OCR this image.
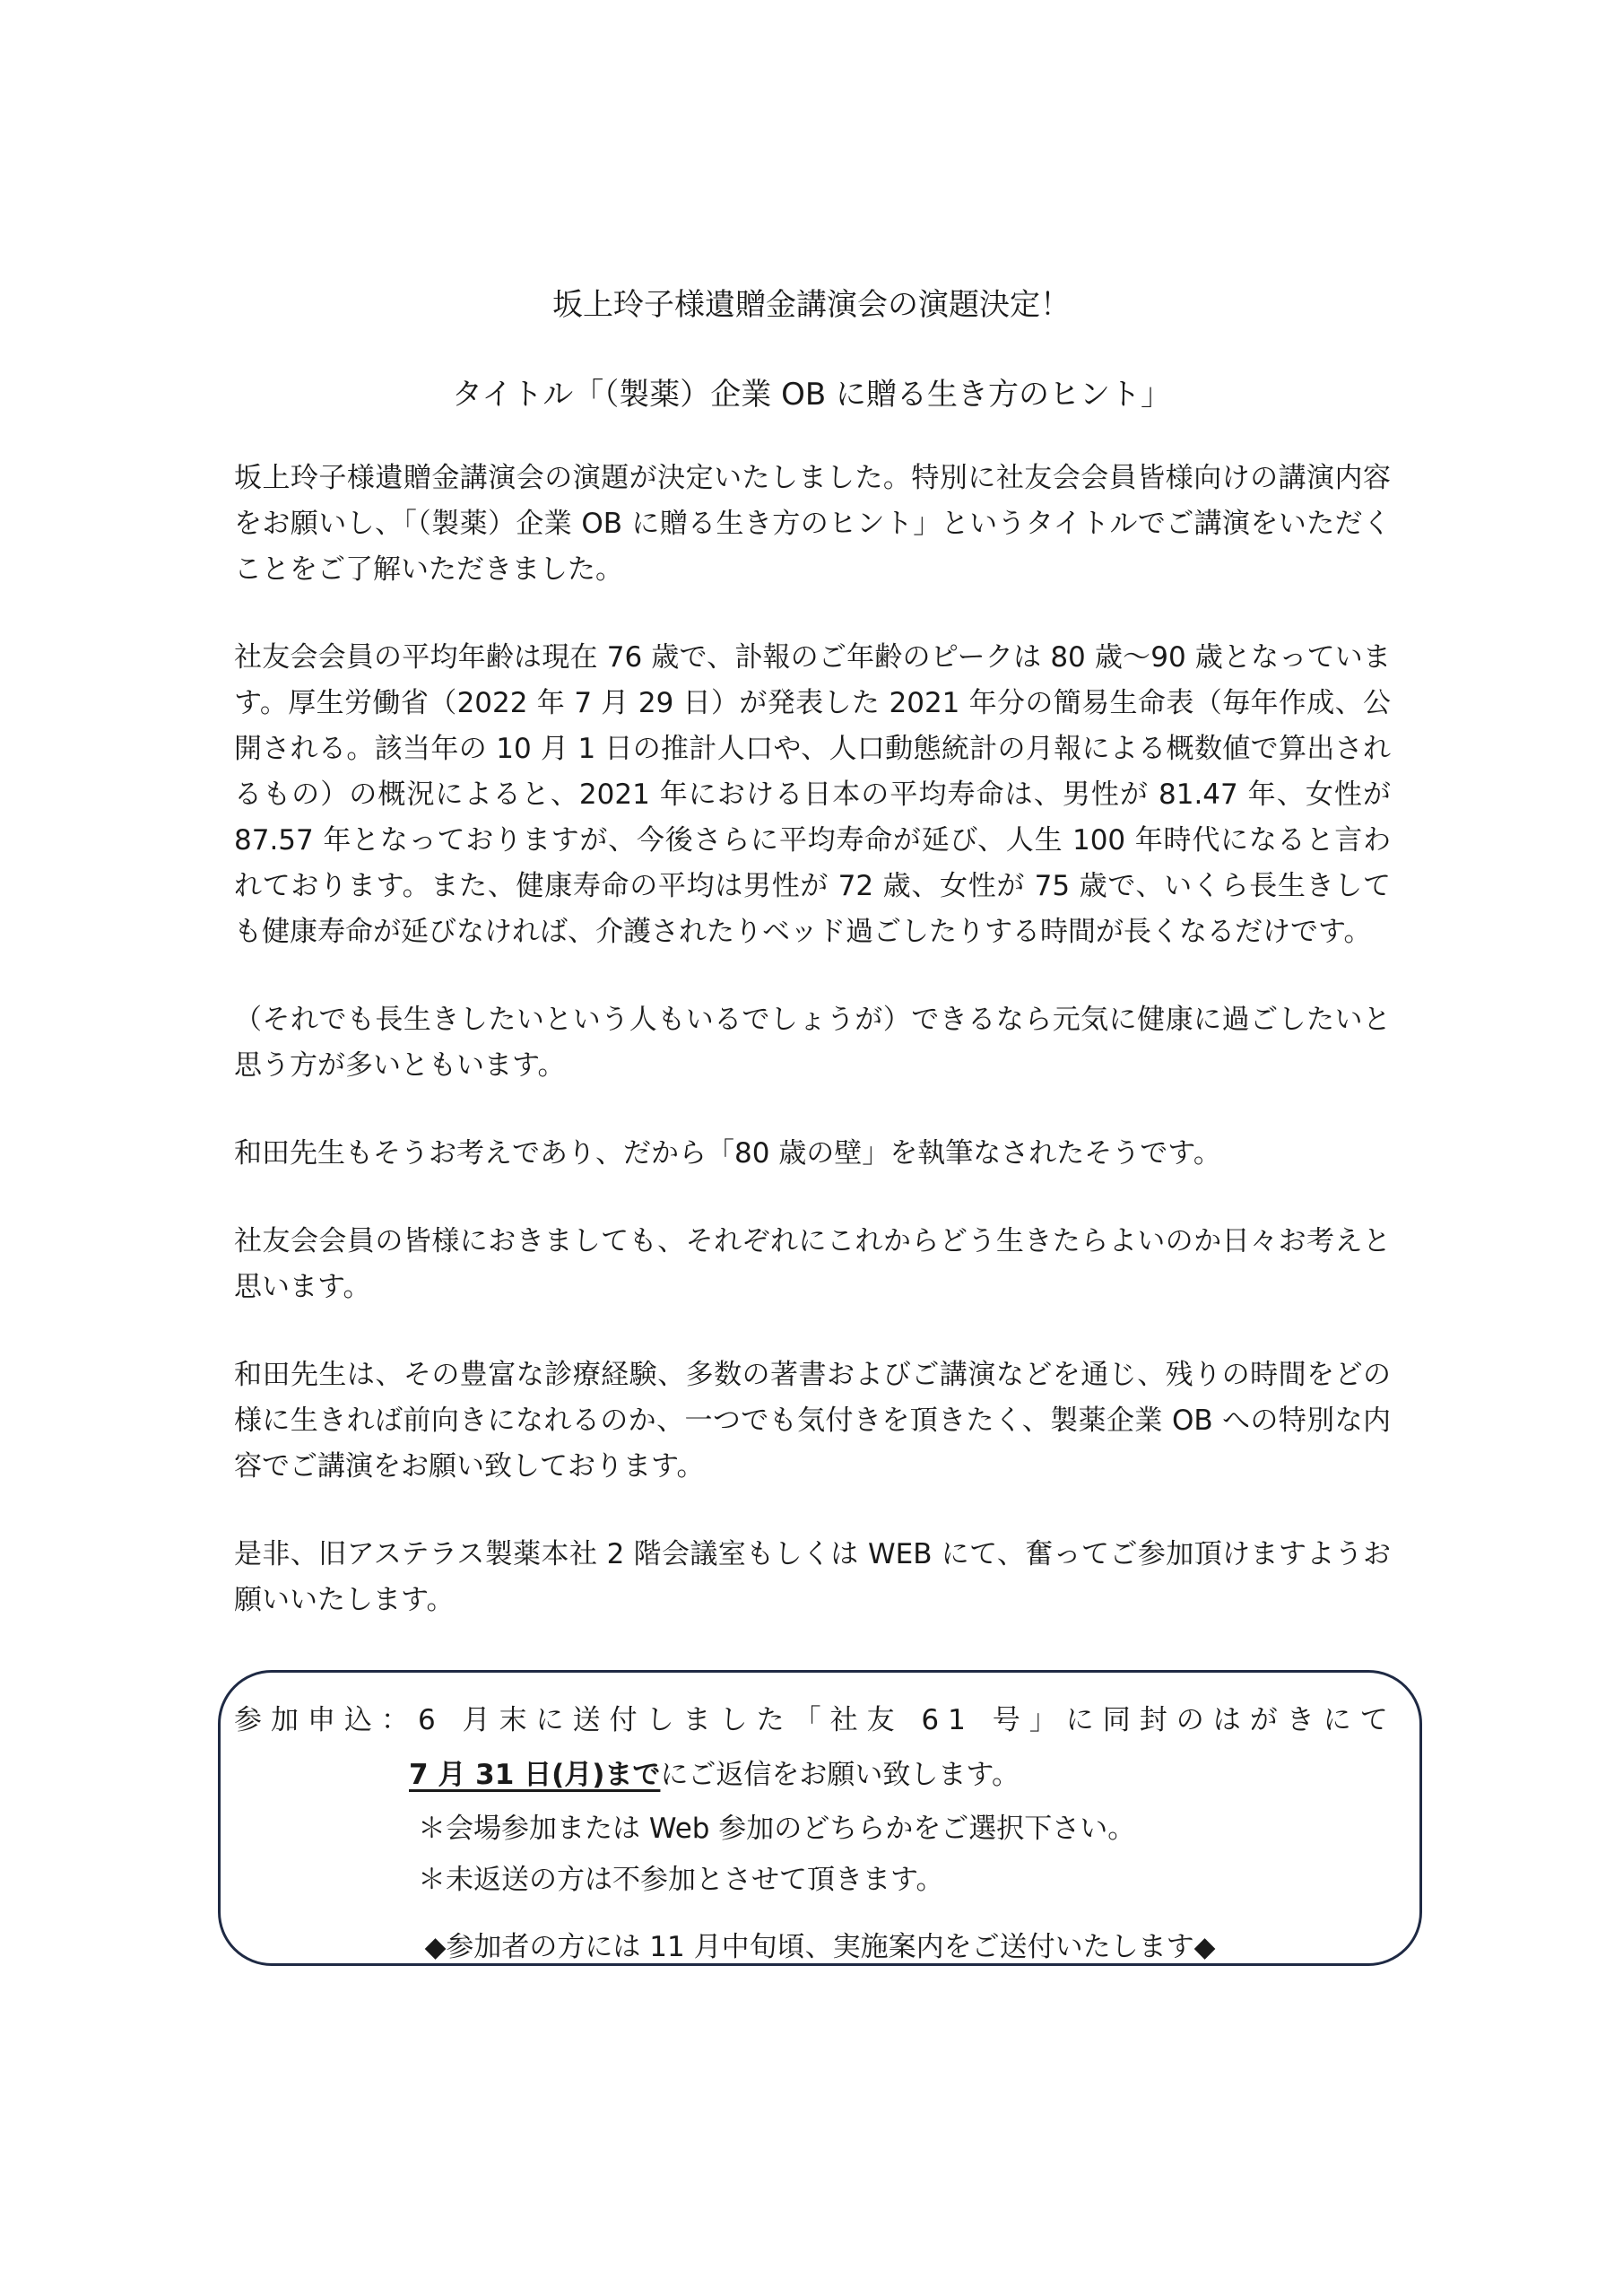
坂上玲子様遺贈金講演会の演題決定！
タイトル「（製薬）企業 OB に贈る生き方のヒント」

坂上玲子様遺贈金講演会の演題が決定いたしました。特別に社友会会員皆様向けの講演内容をお願いし、「（製薬）企業 OB に贈る生き方のヒント」というタイトルでご講演をいただくことをご了解いただきました。

社友会会員の平均年齢は現在 76 歳で、訃報のご年齢のピークは 80 歳～90 歳となっています。厚生労働省（2022 年 7 月 29 日）が発表した 2021 年分の簡易生命表（毎年作成、公開される。該当年の 10 月 1 日の推計人口や、人口動態統計の月報による概数値で算出されるもの）の概況によると、2021 年における日本の平均寿命は、男性が 81.47 年、女性が 87.57 年となっておりますが、今後さらに平均寿命が延び、人生 100 年時代になると言われております。また、健康寿命の平均は男性が 72 歳、女性が 75 歳で、いくら長生きしても健康寿命が延びなければ、介護されたりベッド過ごしたりする時間が長くなるだけです。

（それでも長生きしたいという人もいるでしょうが）できるなら元気に健康に過ごしたいと思う方が多いともいます。

和田先生もそうお考えであり、だから「80 歳の壁」を執筆なされたそうです。

社友会会員の皆様におきましても、それぞれにこれからどう生きたらよいのか日々お考えと思います。

和田先生は、その豊富な診療経験、多数の著書およびご講演などを通じ、残りの時間をどの様に生きれば前向きになれるのか、一つでも気付きを頂きたく、製薬企業 OB への特別な内容でご講演をお願い致しております。

是非、旧アステラス製薬本社 2 階会議室もしくは WEB にて、奮ってご参加頂けますようお願いいたします。

参加申込：6 月末に送付しました「社友 61 号」に同封のはがきにて

7 月 31 日(月)までにご返信をお願い致します。

＊会場参加または Web 参加のどちらかをご選択下さい。

＊未返送の方は不参加とさせて頂きます。

◆参加者の方には 11 月中旬頃、実施案内をご送付いたします◆
